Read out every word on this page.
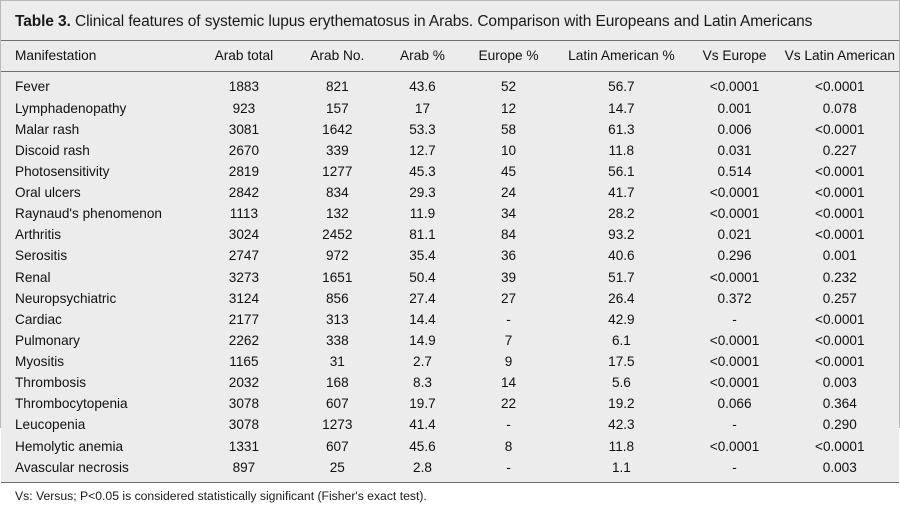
Table 3. Clinical features of systemic lupus erythematosus in Arabs. Comparison with Europeans and Latin Americans
Manifestation	Arab total	Arab No.	Arab %	Europe %	Latin American %	Vs Europe	Vs Latin American
Fever	1883	821	43.6	52	56.7	<0.0001	<0.0001
Lymphadenopathy	923	157	17	12	14.7	0.001	0.078
Malar rash	3081	1642	53.3	58	61.3	0.006	<0.0001
Discoid rash	2670	339	12.7	10	11.8	0.031	0.227
Photosensitivity	2819	1277	45.3	45	56.1	0.514	<0.0001
Oral ulcers	2842	834	29.3	24	41.7	<0.0001	<0.0001
Raynaud's phenomenon	1113	132	11.9	34	28.2	<0.0001	<0.0001
Arthritis	3024	2452	81.1	84	93.2	0.021	<0.0001
Serositis	2747	972	35.4	36	40.6	0.296	0.001
Renal	3273	1651	50.4	39	51.7	<0.0001	0.232
Neuropsychiatric	3124	856	27.4	27	26.4	0.372	0.257
Cardiac	2177	313	14.4	-	42.9	-	<0.0001
Pulmonary	2262	338	14.9	7	6.1	<0.0001	<0.0001
Myositis	1165	31	2.7	9	17.5	<0.0001	<0.0001
Thrombosis	2032	168	8.3	14	5.6	<0.0001	0.003
Thrombocytopenia	3078	607	19.7	22	19.2	0.066	0.364
Leucopenia	3078	1273	41.4	-	42.3	-	0.290
Hemolytic anemia	1331	607	45.6	8	11.8	<0.0001	<0.0001
Avascular necrosis	897	25	2.8	-	1.1	-	0.003
Vs: Versus; P<0.05 is considered statistically significant (Fisher's exact test).
